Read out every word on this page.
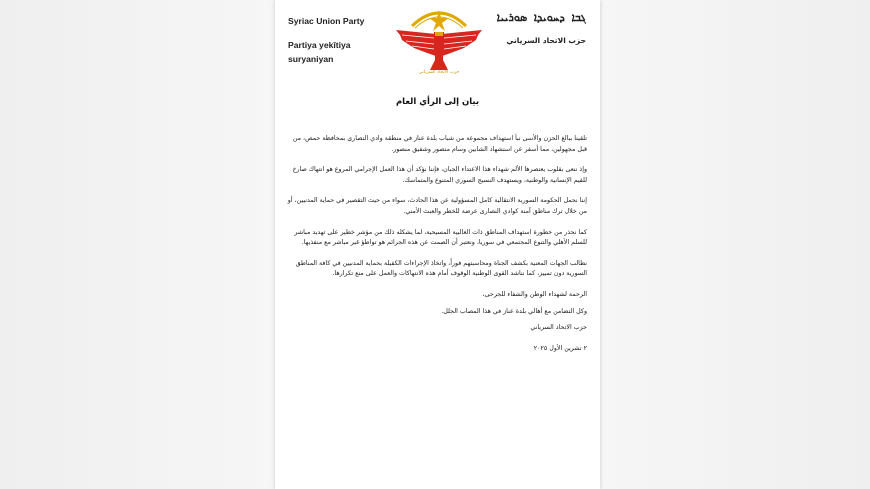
Syriac Union Party
Partiya yekîtiya
suryaniyan
حزب الاتحاد السرياني
ܓܒܐ ܕܚܘܝܕܐ ܣܘܪܝܝܐ
حزب الاتحاد السرياني
بيان إلى الرأي العام

تلقينا ببالغ الحزن والأسى نبأ استهداف مجموعة من شباب بلدة عناز في منطقة وادي النصارى بمحافظة حمص، من قبل مجهولين، مما أسفر عن استشهاد الشابين وسام منصور وشفيق منصور.

وإذ ننعى بقلوب يعتصرها الألم شهداء هذا الاعتداء الجبان، فإننا نؤكد أن هذا العمل الإجرامي المروع هو انتهاك صارخ للقيم الإنسانية والوطنية، ويستهدف النسيج السوري المتنوع والمتماسك.

إننا نحمل الحكومة السورية الانتقالية كامل المسؤولية عن هذا الحادث، سواء من حيث التقصير في حماية المدنيين، أو من خلال ترك مناطق آمنة كوادي النصارى عرضة للخطر والعبث الأمني.

كما نحذر من خطورة استهداف المناطق ذات الغالبية المسيحية، لما يشكله ذلك من مؤشر خطير على تهديد مباشر للسلم الأهلي والتنوع المجتمعي في سوريا، ونعتبر أن الصمت عن هذه الجرائم هو تواطؤ غير مباشر مع منفذيها.

نطالب الجهات المعنية بكشف الجناة ومحاسبتهم فوراً، واتخاذ الإجراءات الكفيلة بحماية المدنيين في كافة المناطق السورية دون تمييز، كما نناشد القوى الوطنية الوقوف أمام هذه الانتهاكات والعمل على منع تكرارها.

الرحمة لشهداء الوطن والشفاء للجرحى،

وكل التضامن مع أهالي بلدة عناز في هذا المصاب الجلل.

حزب الاتحاد السرياني

٢ تشرين الأول ٢٠٢٥
